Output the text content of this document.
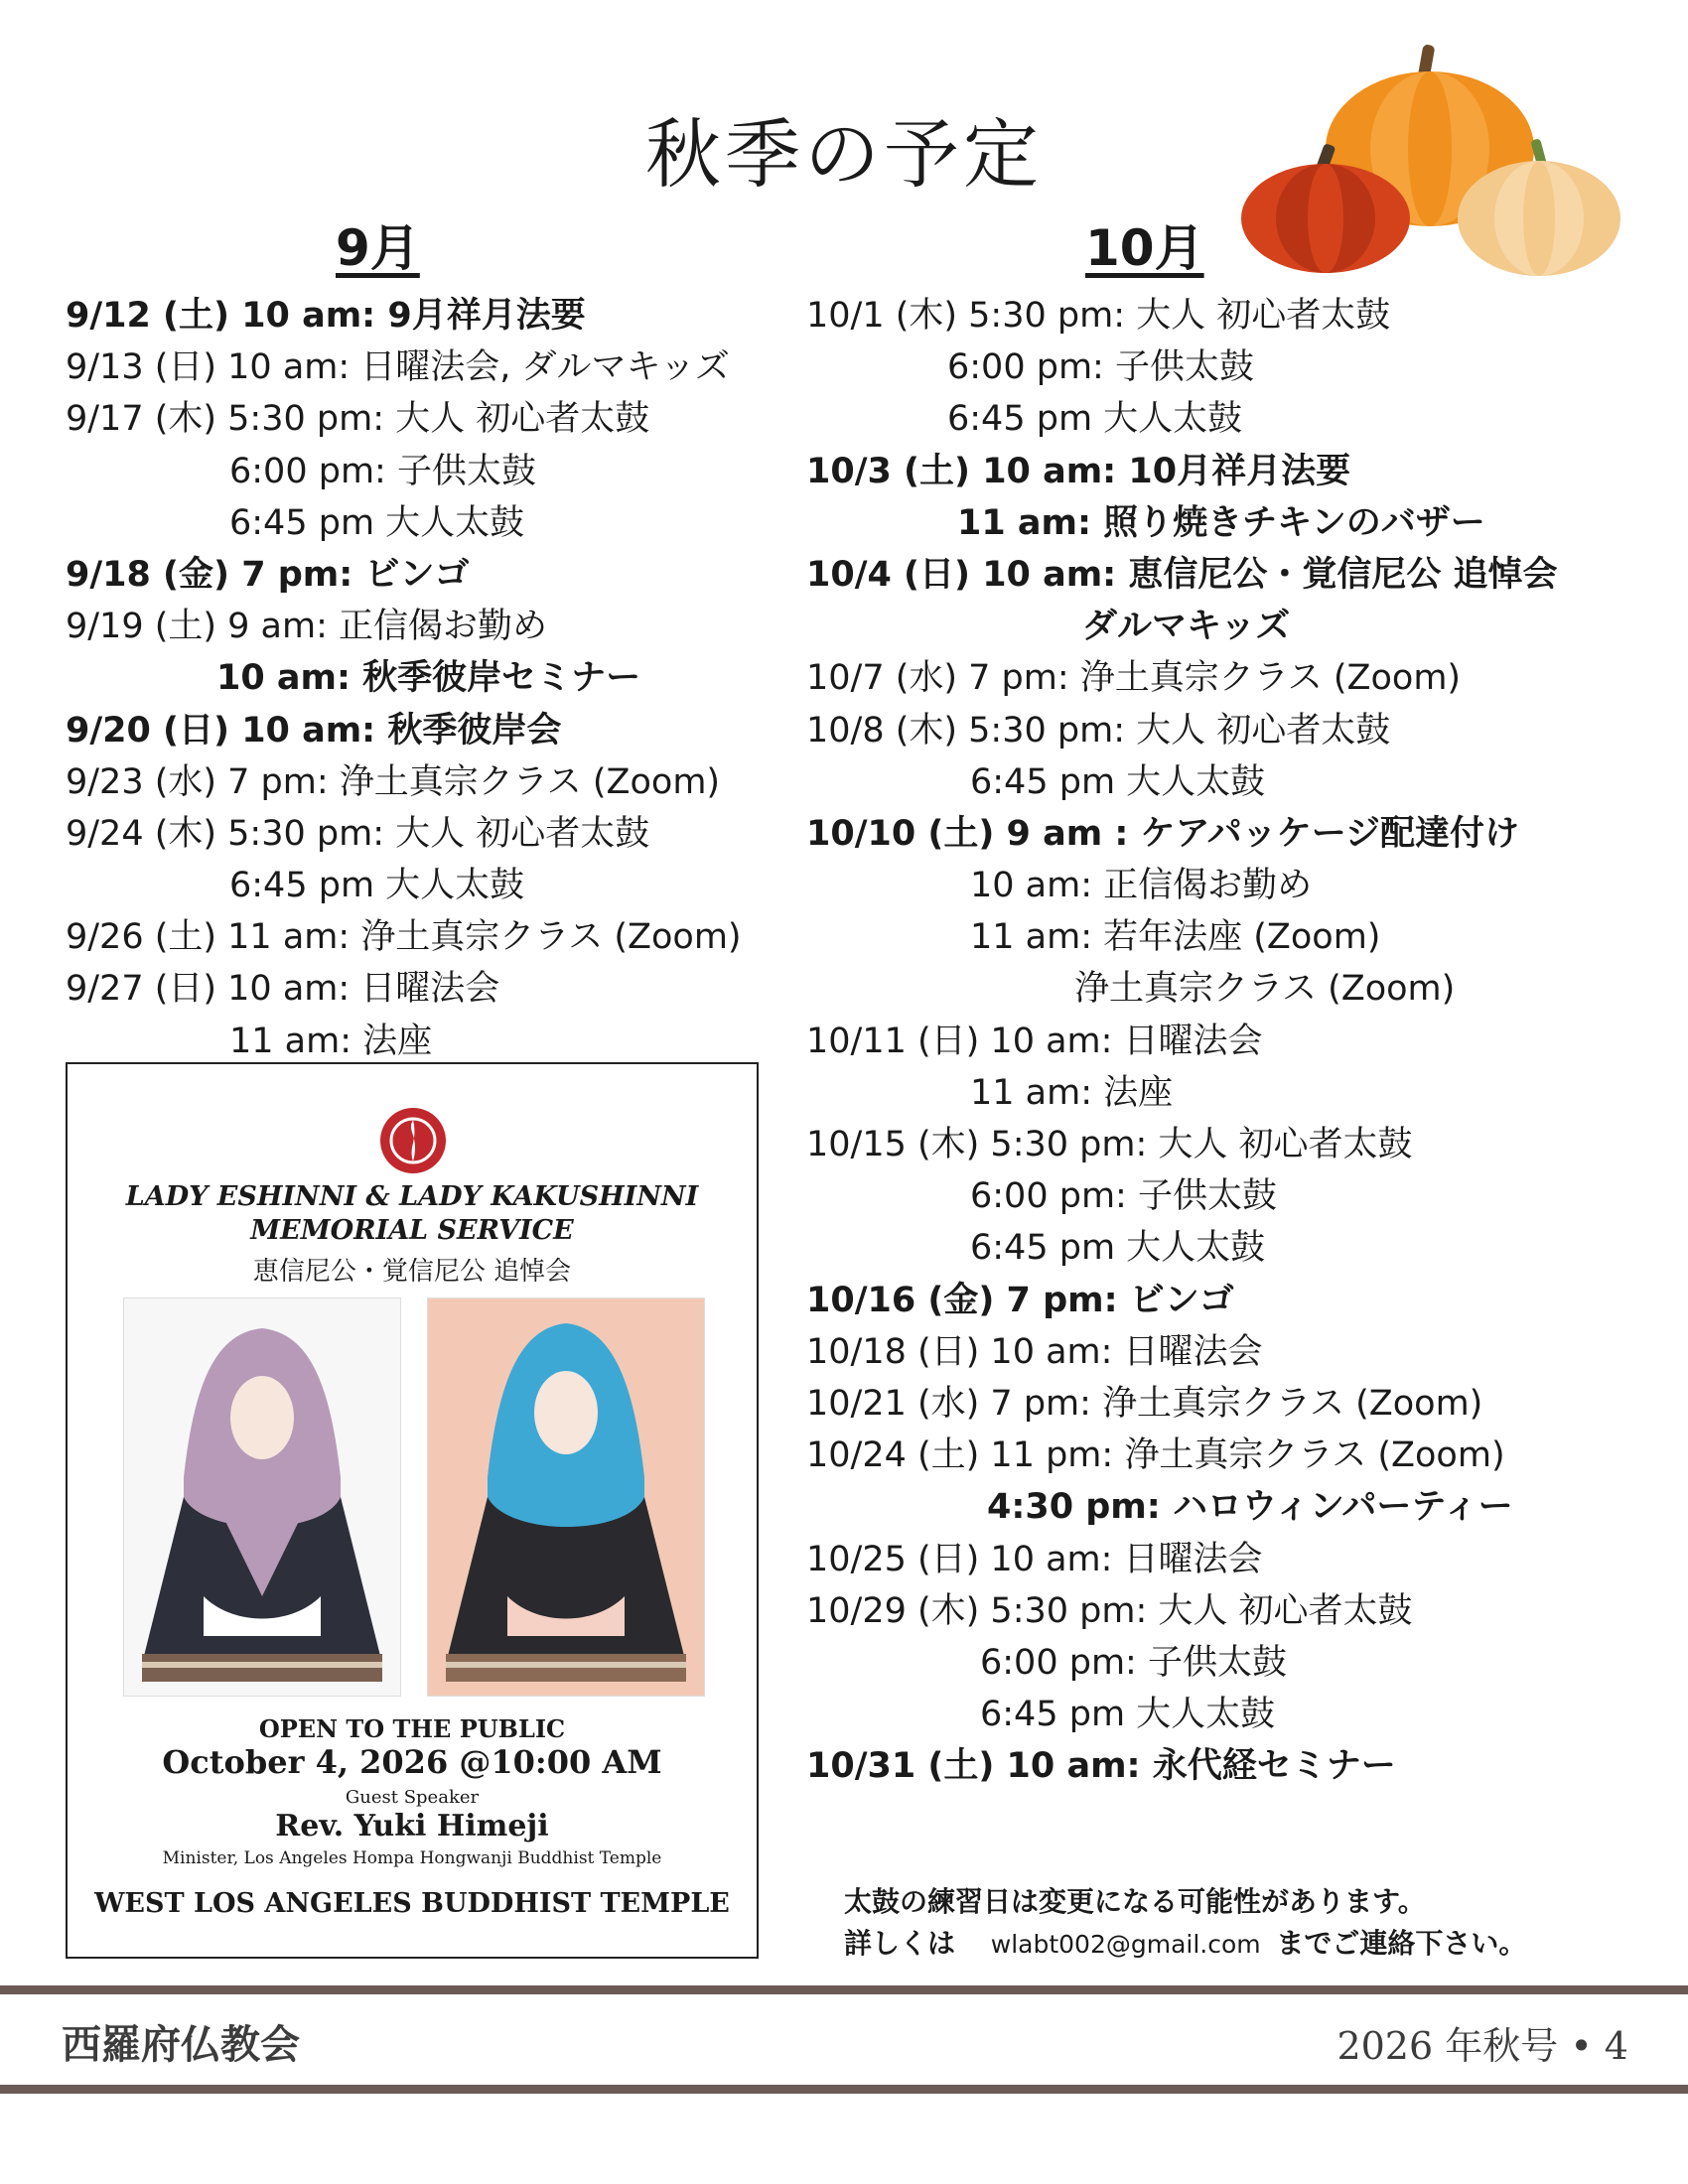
秋季の予定
9月	10月
9/12 (土) 10 am: 9月祥月法要
9/13 (日) 10 am: 日曜法会, ダルマキッズ
9/17 (木) 5:30 pm: 大人 初心者太鼓
6:00 pm: 子供太鼓
6:45 pm 大人太鼓
9/18 (金) 7 pm: ビンゴ
9/19 (土) 9 am: 正信偈お勤め
10 am: 秋季彼岸セミナー
9/20 (日) 10 am: 秋季彼岸会
9/23 (水) 7 pm: 浄土真宗クラス (Zoom)
9/24 (木) 5:30 pm: 大人 初心者太鼓
6:45 pm 大人太鼓
9/26 (土) 11 am: 浄土真宗クラス (Zoom)
9/27 (日) 10 am: 日曜法会
11 am: 法座
10/1 (木) 5:30 pm: 大人 初心者太鼓
6:00 pm: 子供太鼓
6:45 pm 大人太鼓
10/3 (土) 10 am: 10月祥月法要
11 am: 照り焼きチキンのバザー
10/4 (日) 10 am: 恵信尼公・覚信尼公 追悼会
ダルマキッズ
10/7 (水) 7 pm: 浄土真宗クラス (Zoom)
10/8 (木) 5:30 pm: 大人 初心者太鼓
6:45 pm 大人太鼓
10/10 (土) 9 am : ケアパッケージ配達付け
10 am: 正信偈お勤め
11 am: 若年法座 (Zoom)
浄土真宗クラス (Zoom)
10/11 (日) 10 am: 日曜法会
11 am: 法座
10/15 (木) 5:30 pm: 大人 初心者太鼓
6:00 pm: 子供太鼓
6:45 pm 大人太鼓
10/16 (金) 7 pm: ビンゴ
10/18 (日) 10 am: 日曜法会
10/21 (水) 7 pm: 浄土真宗クラス (Zoom)
10/24 (土) 11 pm: 浄土真宗クラス (Zoom)
4:30 pm: ハロウィンパーティー
10/25 (日) 10 am: 日曜法会
10/29 (木) 5:30 pm: 大人 初心者太鼓
6:00 pm: 子供太鼓
6:45 pm 大人太鼓
10/31 (土) 10 am: 永代経セミナー
LADY ESHINNI & LADY KAKUSHINNI
MEMORIAL SERVICE
恵信尼公・覚信尼公 追悼会
OPEN TO THE PUBLIC
October 4, 2026 @10:00 AM
Guest Speaker
Rev. Yuki Himeji
Minister, Los Angeles Hompa Hongwanji Buddhist Temple
WEST LOS ANGELES BUDDHIST TEMPLE	太鼓の練習日は変更になる可能性があります。
詳しくは wlabt002@gmail.com までご連絡下さい。
西羅府仏教会	2026 年秋号 • 4
